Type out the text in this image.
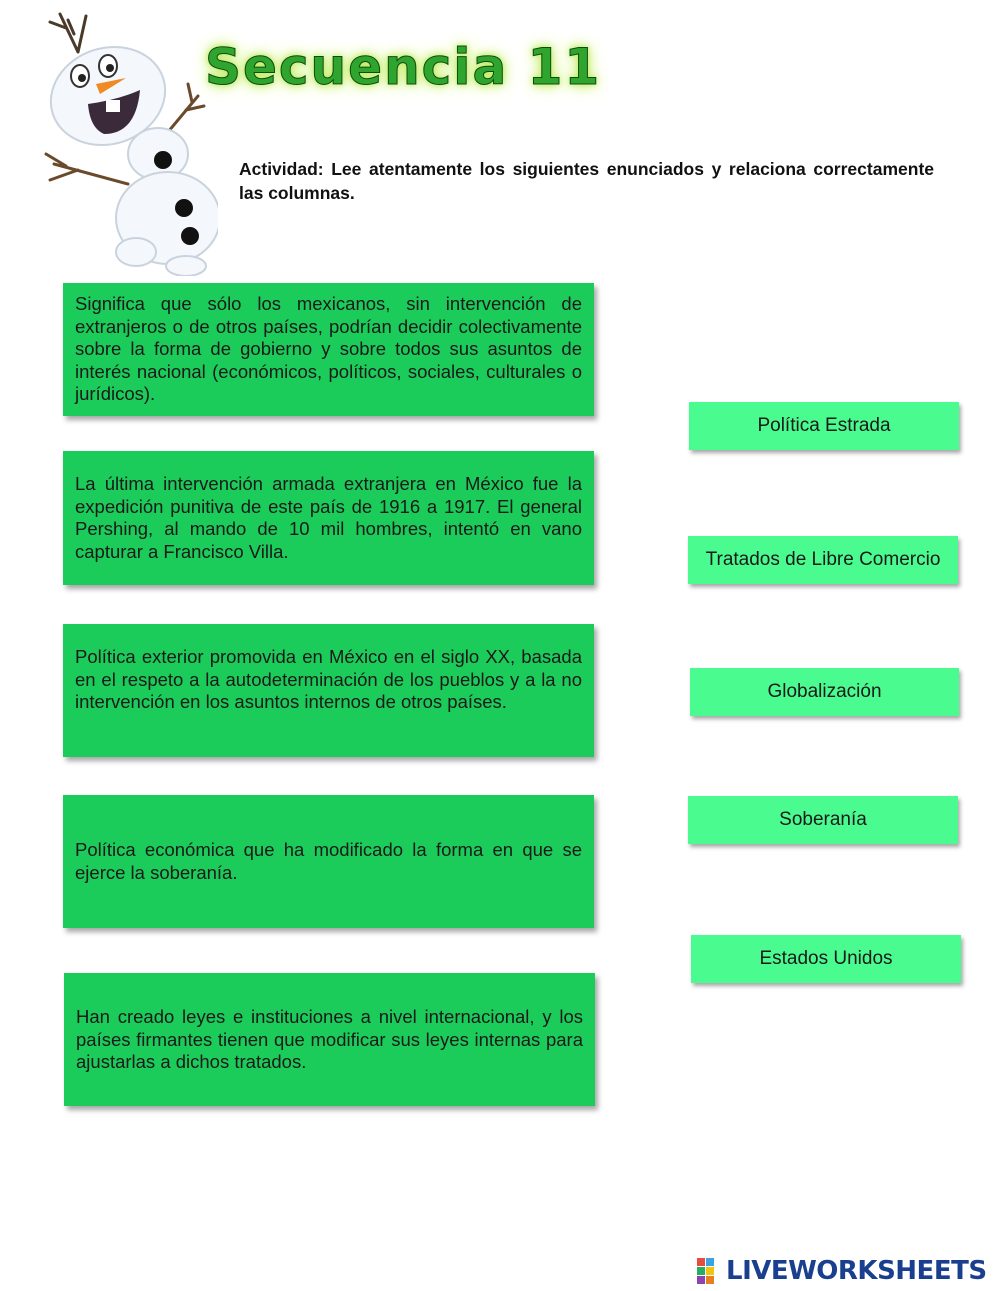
Secuencia 11
Actividad: Lee atentamente los siguientes enunciados y relaciona correctamente las columnas.
Significa que sólo los mexicanos, sin intervención de extranjeros o de otros países, podrían decidir colectivamente sobre la forma de gobierno y sobre todos sus asuntos de interés nacional (económicos, políticos, sociales, culturales o jurídicos).
La última intervención armada extranjera en México fue la expedición punitiva de este país de 1916 a 1917. El general Pershing, al mando de 10 mil hombres, intentó en vano capturar a Francisco Villa.
Política exterior promovida en México en el siglo XX, basada en el respeto a la autodeterminación de los pueblos y a la no intervención en los asuntos internos de otros países.
Política económica que ha modificado la forma en que se ejerce la soberanía.
Han creado leyes e instituciones a nivel internacional, y los países firmantes tienen que modificar sus leyes internas para ajustarlas a dichos tratados.
Política Estrada
Tratados de Libre Comercio
Globalización
Soberanía
Estados Unidos
LIVEWORKSHEETS
